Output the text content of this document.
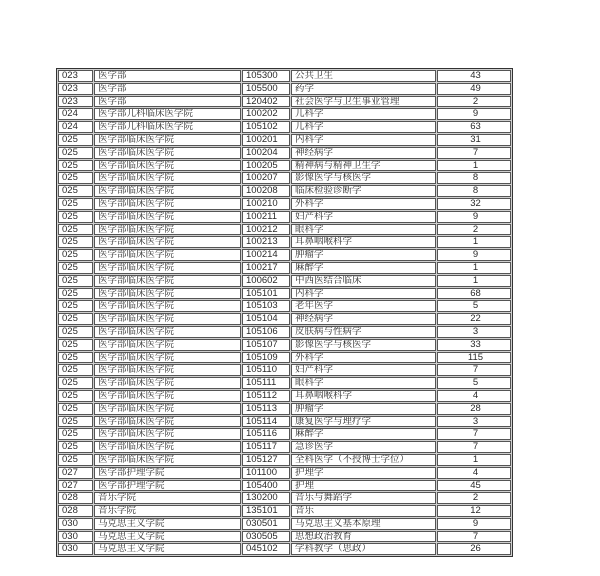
023	医学部	105300	公共卫生	43
023	医学部	105500	药学	49
023	医学部	120402	社会医学与卫生事业管理	2
024	医学部儿科临床医学院	100202	儿科学	9
024	医学部儿科临床医学院	105102	儿科学	63
025	医学部临床医学院	100201	内科学	31
025	医学部临床医学院	100204	神经病学	7
025	医学部临床医学院	100205	精神病与精神卫生学	1
025	医学部临床医学院	100207	影像医学与核医学	8
025	医学部临床医学院	100208	临床检验诊断学	8
025	医学部临床医学院	100210	外科学	32
025	医学部临床医学院	100211	妇产科学	9
025	医学部临床医学院	100212	眼科学	2
025	医学部临床医学院	100213	耳鼻咽喉科学	1
025	医学部临床医学院	100214	肿瘤学	9
025	医学部临床医学院	100217	麻醉学	1
025	医学部临床医学院	100602	中西医结合临床	1
025	医学部临床医学院	105101	内科学	68
025	医学部临床医学院	105103	老年医学	5
025	医学部临床医学院	105104	神经病学	22
025	医学部临床医学院	105106	皮肤病与性病学	3
025	医学部临床医学院	105107	影像医学与核医学	33
025	医学部临床医学院	105109	外科学	115
025	医学部临床医学院	105110	妇产科学	7
025	医学部临床医学院	105111	眼科学	5
025	医学部临床医学院	105112	耳鼻咽喉科学	4
025	医学部临床医学院	105113	肿瘤学	28
025	医学部临床医学院	105114	康复医学与理疗学	3
025	医学部临床医学院	105116	麻醉学	7
025	医学部临床医学院	105117	急诊医学	7
025	医学部临床医学院	105127	全科医学（不授博士学位）	1
027	医学部护理学院	101100	护理学	4
027	医学部护理学院	105400	护理	45
028	音乐学院	130200	音乐与舞蹈学	2
028	音乐学院	135101	音乐	12
030	马克思主义学院	030501	马克思主义基本原理	9
030	马克思主义学院	030505	思想政治教育	7
030	马克思主义学院	045102	学科教学（思政）	26
